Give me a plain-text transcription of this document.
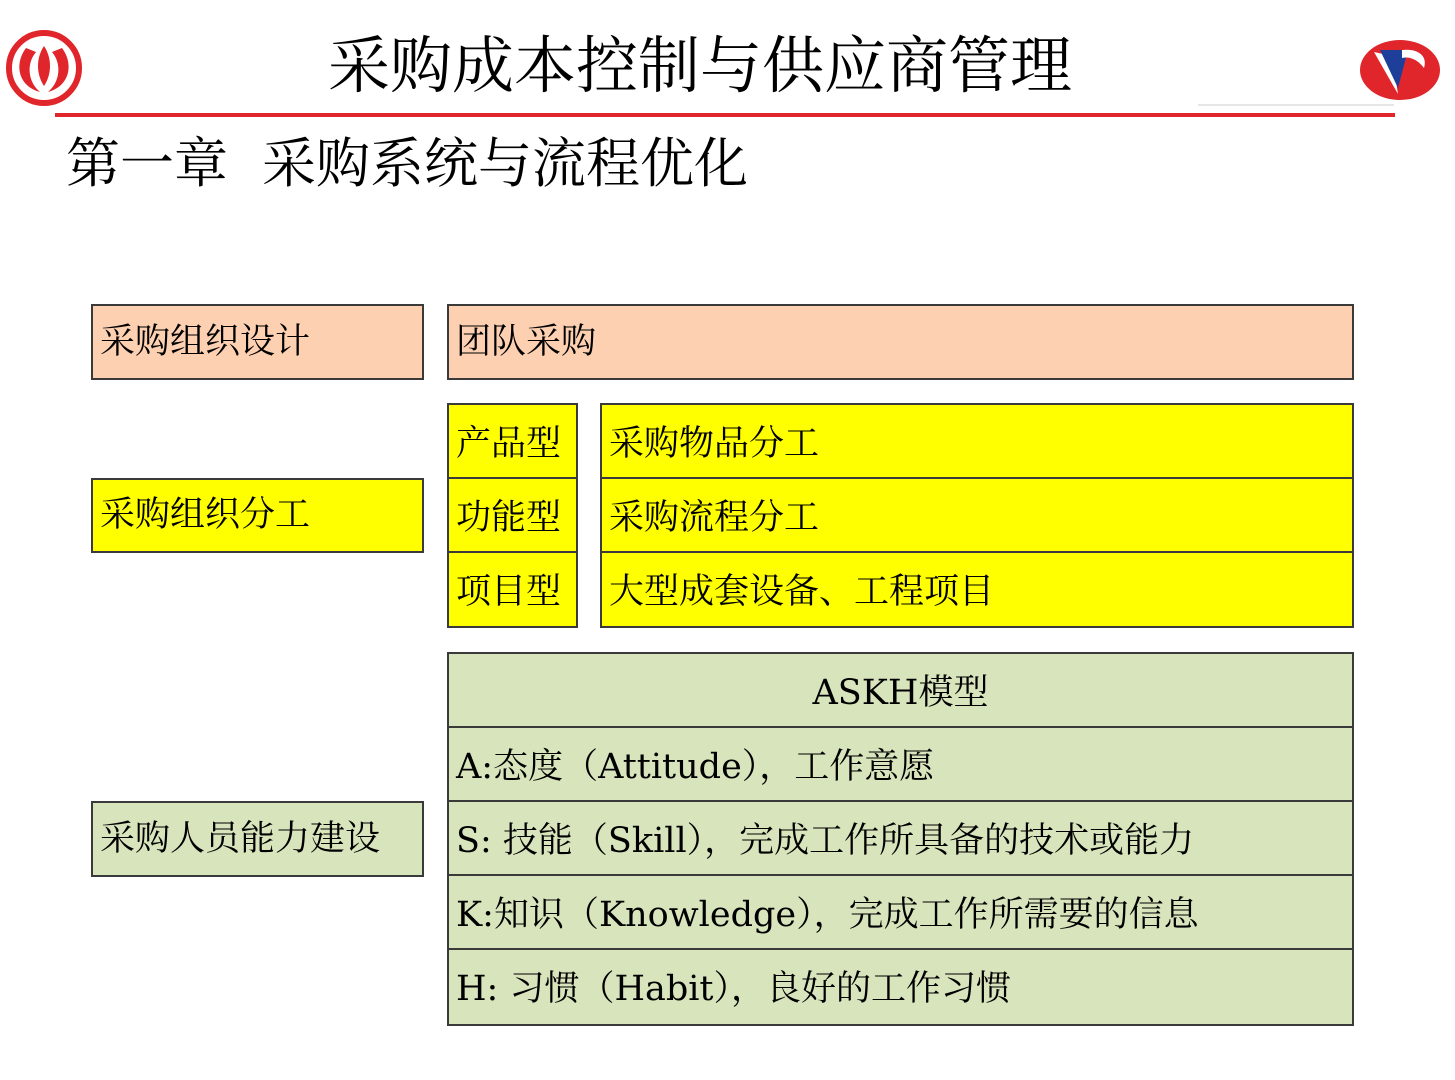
采购成本控制与供应商管理
第一章 采购系统与流程优化
采购组织设计	团队采购
采购组织分工
产品型
功能型
项目型
采购物品分工
采购流程分工
大型成套设备、工程项目
采购人员能力建设
ASKH模型
A:态度（Attitude），工作意愿
S: 技能（Skill），完成工作所具备的技术或能力
K:知识（Knowledge），完成工作所需要的信息
H: 习惯（Habit），良好的工作习惯
